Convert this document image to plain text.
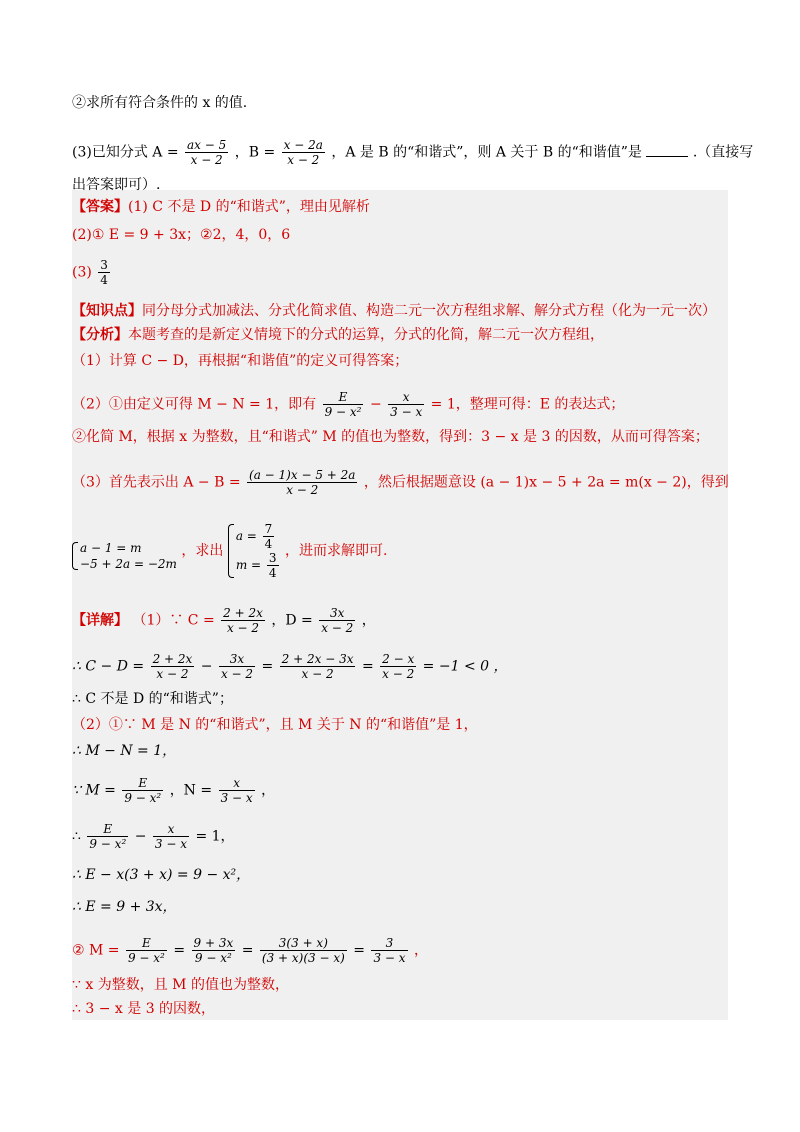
②求所有符合条件的 x 的值.
(3)已知分式 $A = \frac{ax - 5}{x - 2}$ ，$B = \frac{x - 2a}{x - 2}$ ，A 是 B 的“和谐式”，则 A 关于 B 的“和谐值”是	.（直接写
出答案即可）.
【答案】(1) C 不是 D 的“和谐式”，理由见解析
(2)① E = 9 + 3x；②2，4，0，6
$(3) \frac{3}{4}$
【知识点】同分母分式加减法、分式化简求值、构造二元一次方程组求解、解分式方程（化为一元一次）
【分析】本题考查的是新定义情境下的分式的运算，分式的化简，解二元一次方程组，
（1）计算 C − D，再根据“和谐值”的定义可得答案；
（2）①由定义可得 M − N = 1，即有 $\frac{E}{\text{9 − x²}} - \frac{x}{3 - x} = 1$，整理可得：E 的表达式；
②化简 M，根据 x 为整数，且“和谐式” M 的值也为整数，得到：3 − x 是 3 的因数，从而可得答案；
（3）首先表示出 $A - B = \frac{(a - 1)x - 5 + 2a}{x - 2}$ ，然后根据题意设 (a − 1)x − 5 + 2a = m(x − 2)，得到
a − 1 = m
−5 + 2a = −2m
，求出
$a = \frac{7}{4}$
$m = \frac{3}{4}$ ，进而求解即可.
【详解】 （1）∵ $C = \frac{2 + 2x}{x - 2}$ ，$D = \frac{3x}{x - 2}$ ，
∴ $C - D = \frac{2 + 2x}{x - 2} - \frac{3x}{x - 2} = \frac{2 + 2x - 3x}{x - 2} = \frac{2 - x}{x - 2} = -1 < 0$ ，
∴ C 不是 D 的“和谐式”；
（2）①∵ M 是 N 的“和谐式”，且 M 关于 N 的“和谐值”是 1，
∴ M − N = 1，
∵ $M = \frac{E}{\text{9 − x²}}$ ，$N = \frac{x}{3 - x}$ ，
∴ $\frac{E}{\text{9 − x²}} - \frac{x}{3 - x} = 1$，
∴ E − x(3 + x) = 9 − x²，
∴ E = 9 + 3x，
② $M = \frac{E}{\text{9 − x²}} = \frac{9 + 3x}{\text{9 − x²}} = \frac{3(3 + x)}{(3 + x)(3 - x)} = \frac{3}{3 - x}$ ，
∵ x 为整数，且 M 的值也为整数，
∴ 3 − x 是 3 的因数，
